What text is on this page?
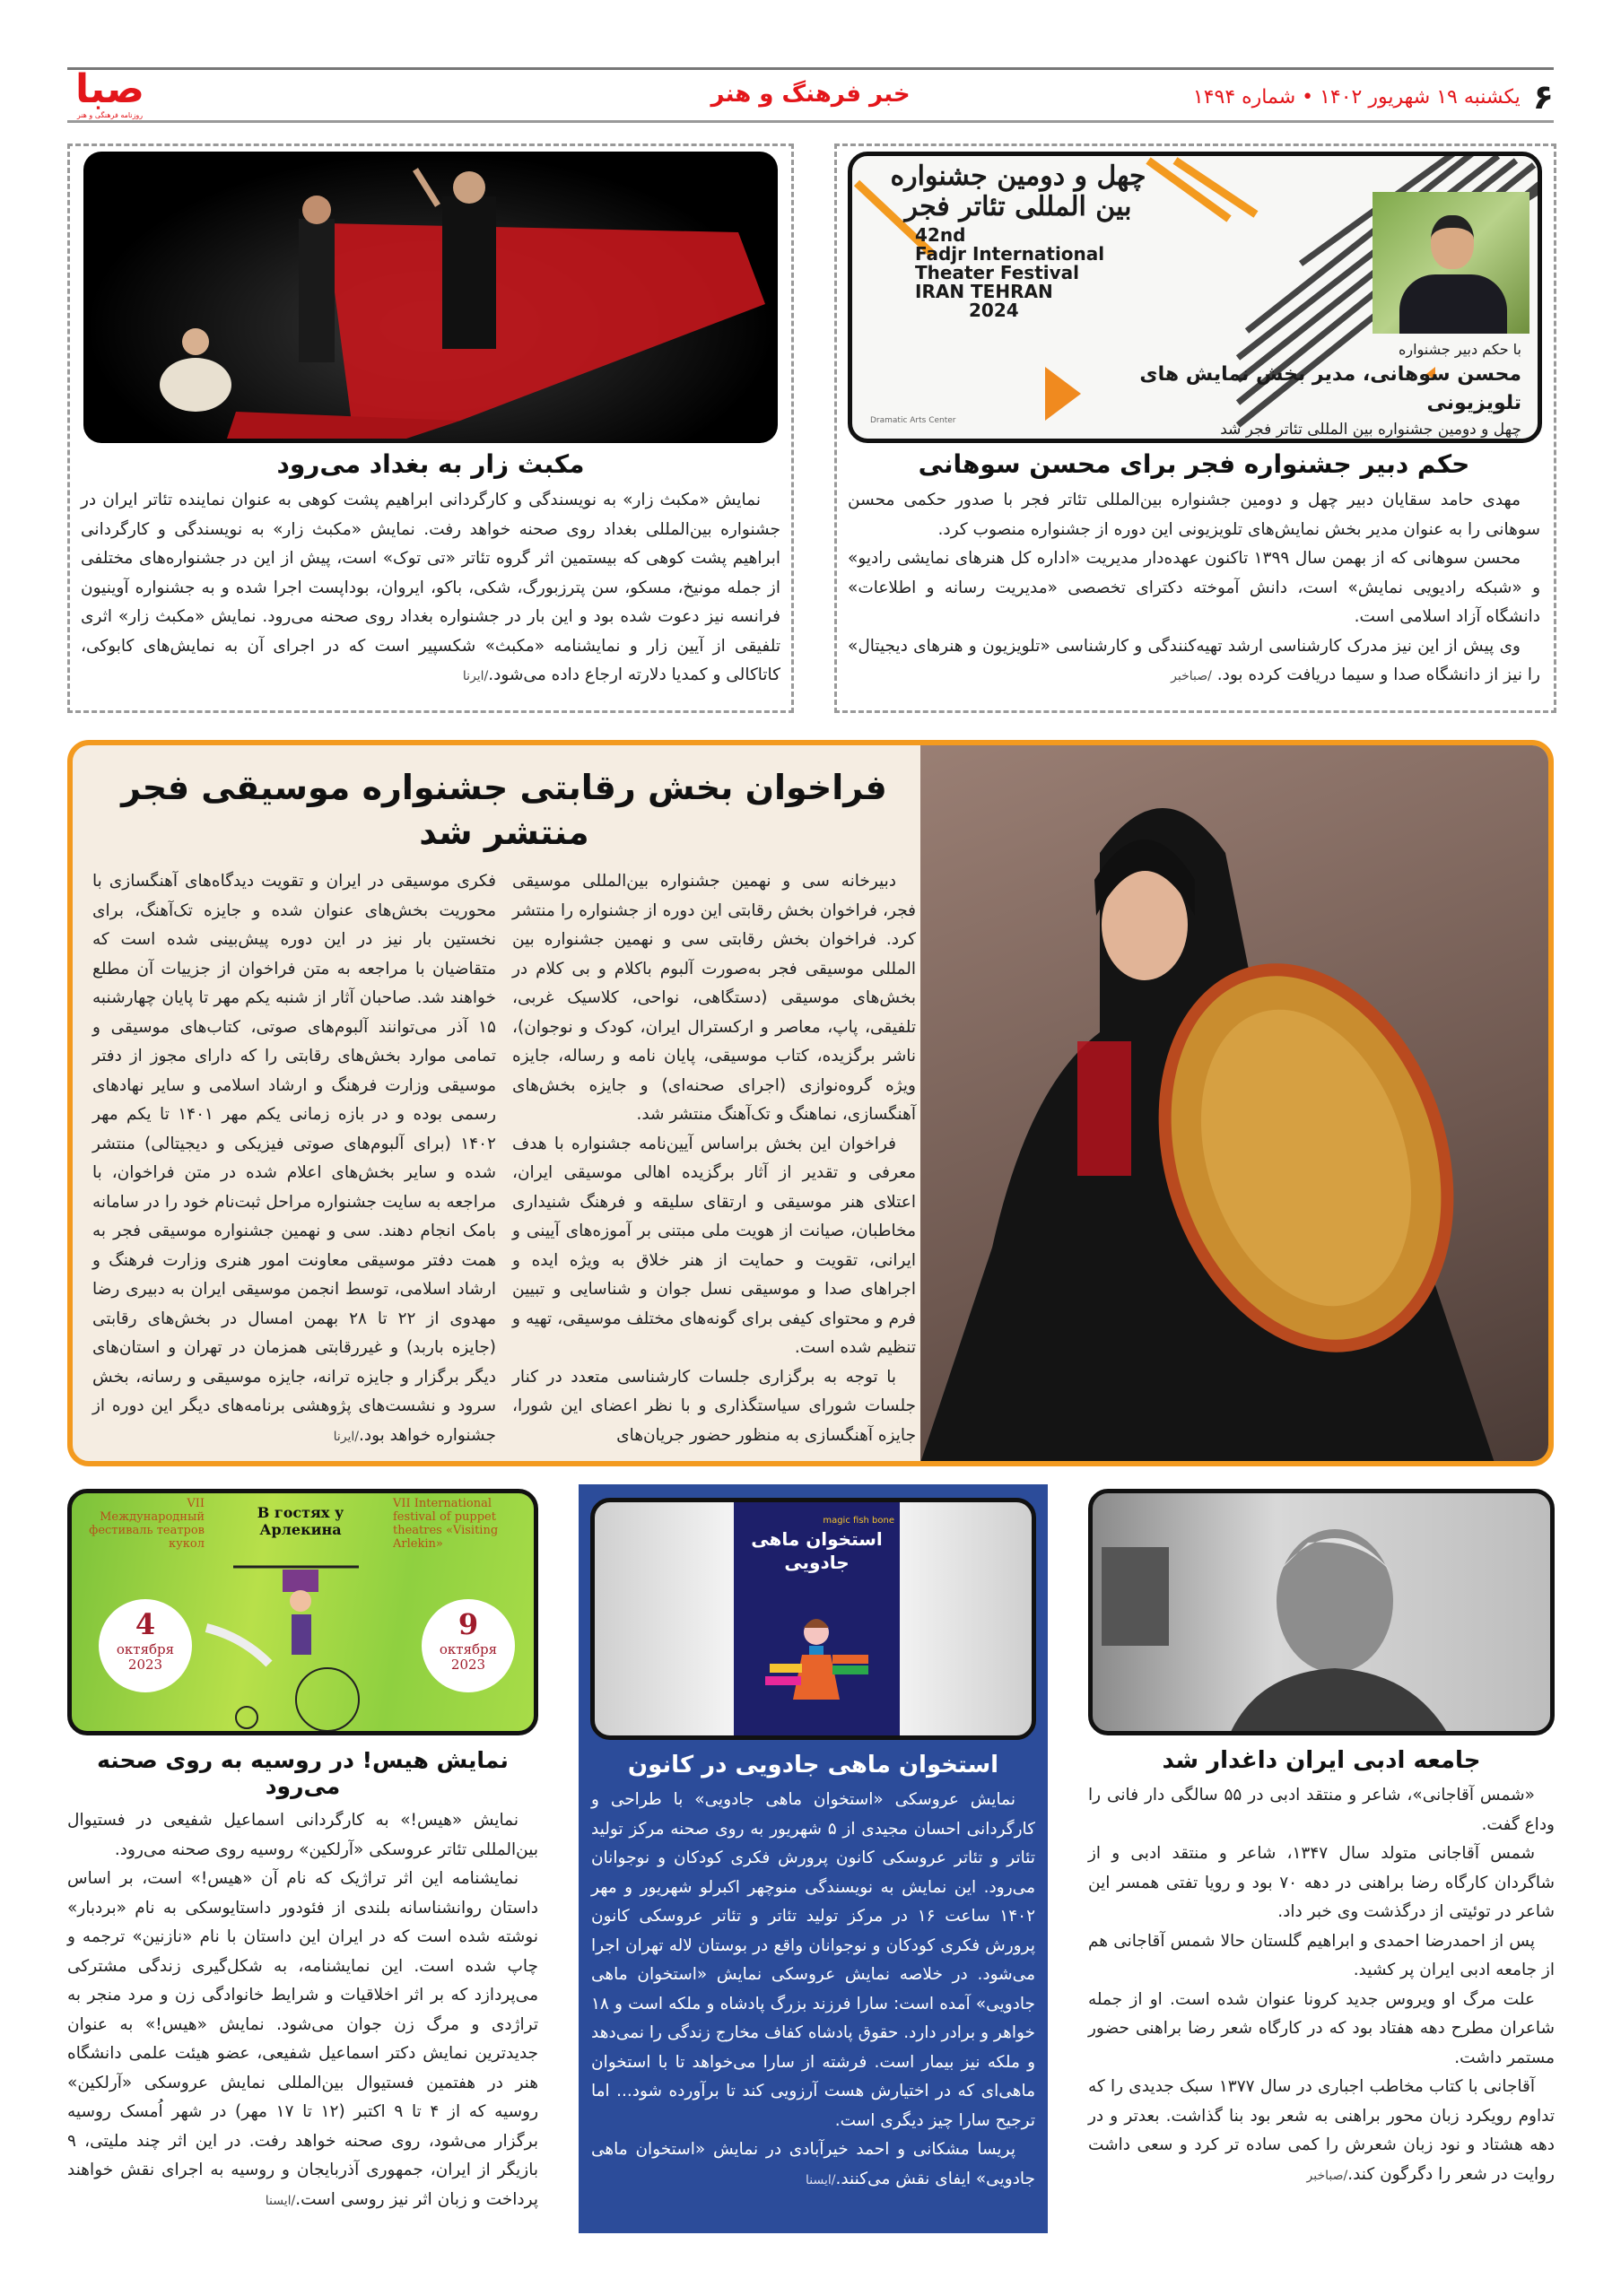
۶
یکشنبه ۱۹ شهریور ۱۴۰۲ • شماره ۱۴۹۴
خبر فرهنگ و هنر
صبا
روزنامه فرهنگی و هنر
چهل و دومین جشنواره بین المللی تئاتر فجر
42nd
Fadjr International
Theater Festival
IRAN TEHRAN
2024
Dramatic Arts Center
با حکم دبیر جشنواره
محسن سوهانی، مدیر بخش نمایش های تلویزیونی
چهل و دومین جشنواره بین المللی تئاتر فجر شد
حکم دبیر جشنواره فجر برای محسن سوهانی

مهدی حامد سقایان دبیر چهل و دومین جشنواره بین‌المللی تئاتر فجر با صدور حکمی محسن سوهانی را به عنوان مدیر بخش نمایش‌های تلویزیونی این دوره از جشنواره منصوب کرد.

محسن سوهانی که از بهمن سال ۱۳۹۹ تاکنون عهده‌دار مدیریت «اداره کل هنرهای نمایشی رادیو» و «شبکه رادیویی نمایش» است، دانش آموخته دکترای تخصصی «مدیریت رسانه و اطلاعات» دانشگاه آزاد اسلامی است.

وی پیش از این نیز مدرک کارشناسی ارشد تهیه‌کنندگی و کارشناسی «تلویزیون و هنرهای دیجیتال» را نیز از دانشگاه صدا و سیما دریافت کرده بود. /صباخبر

مکبث زار به بغداد می‌رود

نمایش «مکبث زار» به نویسندگی و کارگردانی ابراهیم پشت کوهی به عنوان نماینده تئاتر ایران در جشنواره بین‌المللی بغداد روی صحنه خواهد رفت. نمایش «مکبث زار» به نویسندگی و کارگردانی ابراهیم پشت کوهی که بیستمین اثر گروه تئاتر «تی توک» است، پیش از این در جشنواره‌های مختلفی از جمله مونیخ، مسکو، سن پترزبورگ، شکی، باکو، ایروان، بوداپست اجرا شده و به جشنواره آوینیون فرانسه نیز دعوت شده بود و این بار در جشنواره بغداد روی صحنه می‌رود. نمایش «مکبث زار» اثری تلفیقی از آیین زار و نمایشنامه «مکبث» شکسپیر است که در اجرای آن به نمایش‌های کابوکی، کاتاکالی و کمدیا دلارته ارجاع داده می‌شود./ایرنا

فراخوان بخش رقابتی جشنواره موسیقی فجر منتشر شد

دبیرخانه سی و نهمین جشنواره بین‌المللی موسیقی فجر، فراخوان بخش رقابتی این دوره از جشنواره را منتشر کرد. فراخوان بخش رقابتی سی و نهمین جشنواره بین المللی موسیقی فجر به‌صورت آلبوم باکلام و بی کلام در بخش‌های موسیقی (دستگاهی، نواحی، کلاسیک غربی، تلفیقی، پاپ، معاصر و ارکسترال ایران، کودک و نوجوان)، ناشر برگزیده، کتاب موسیقی، پایان نامه و رساله، جایزه ویژه گروه‌نوازی (اجرای صحنه‌ای) و جایزه بخش‌های آهنگسازی، نماهنگ و تک‌آهنگ منتشر شد.

فراخوان این بخش براساس آیین‌نامه جشنواره با هدف معرفی و تقدیر از آثار برگزیده اهالی موسیقی ایران، اعتلای هنر موسیقی و ارتقای سلیقه و فرهنگ شنیداری مخاطبان، صیانت از هویت ملی مبتنی بر آموزه‌های آیینی و ایرانی، تقویت و حمایت از هنر خلاق به ویژه ایده و اجراهای صدا و موسیقی نسل جوان و شناسایی و تبیین فرم و محتوای کیفی برای گونه‌های مختلف موسیقی، تهیه و تنظیم شده است.

با توجه به برگزاری جلسات کارشناسی متعدد در کنار جلسات شورای سیاستگذاری و با نظر اعضای این شورا، جایزه آهنگسازی به منظور حضور جریان‌های

فکری موسیقی در ایران و تقویت دیدگاه‌های آهنگسازی با محوریت بخش‌های عنوان شده و جایزه تک‌آهنگ، برای نخستین بار نیز در این دوره پیش‌بینی شده است که متقاضیان با مراجعه به متن فراخوان از جزییات آن مطلع خواهند شد. صاحبان آثار از شنبه یکم مهر تا پایان چهارشنبه ۱۵ آذر می‌توانند آلبوم‌های صوتی، کتاب‌های موسیقی و تمامی موارد بخش‌های رقابتی را که دارای مجوز از دفتر موسیقی وزارت فرهنگ و ارشاد اسلامی و سایر نهادهای رسمی بوده و در بازه زمانی یکم مهر ۱۴۰۱ تا یکم مهر ۱۴۰۲ (برای آلبوم‌های صوتی فیزیکی و دیجیتالی) منتشر شده و سایر بخش‌های اعلام شده در متن فراخوان، با مراجعه به سایت جشنواره مراحل ثبت‌نام خود را در سامانه بامک انجام دهند. سی و نهمین جشنواره موسیقی فجر به همت دفتر موسیقی معاونت امور هنری وزارت فرهنگ و ارشاد اسلامی، توسط انجمن موسیقی ایران به دبیری رضا مهدوی از ۲۲ تا ۲۸ بهمن امسال در بخش‌های رقابتی (جایزه باربد) و غیررقابتی همزمان در تهران و استان‌های دیگر برگزار و جایزه ترانه، جایزه موسیقی و رسانه، بخش سرود و نشست‌های پژوهشی برنامه‌های دیگر این دوره از جشنواره خواهد بود./ایرنا

جامعه ادبی ایران داغدار شد

«شمس آقاجانی»، شاعر و منتقد ادبی در ۵۵ سالگی دار فانی را وداع گفت.

شمس آقاجانی متولد سال ۱۳۴۷، شاعر و منتقد ادبی و از شاگردان کارگاه رضا براهنی در دهه ۷۰ بود و رویا تفتی همسر این شاعر در توئیتی از درگذشت وی خبر داد.

پس از احمدرضا احمدی و ابراهیم گلستان حالا شمس آقاجانی هم از جامعه ادبی ایران پر کشید.

علت مرگ او ویروس جدید کرونا عنوان شده است. او از جمله شاعران مطرح دهه هفتاد بود که در کارگاه شعر رضا براهنی حضور مستمر داشت.

آقاجانی با کتاب مخاطب اجباری در سال ۱۳۷۷ سبک جدیدی را که تداوم رویکرد زبان محور براهنی به شعر بود بنا گذاشت. بعدتر و در دهه هشتاد و نود زبان شعرش را کمی ساده تر کرد و سعی داشت روایت در شعر را دگرگون کند./صباخبر

magic fish bone
استخوان ماهی جادویی
استخوان ماهی جادویی در کانون

نمایش عروسکی «استخوان ماهی جادویی» با طراحی و کارگردانی احسان مجیدی از ۵ شهریور به روی صحنه مرکز تولید تئاتر و تئاتر عروسکی کانون پرورش فکری کودکان و نوجوانان می‌رود. این نمایش به نویسندگی منوچهر اکبرلو شهریور و مهر ۱۴۰۲ ساعت ۱۶ در مرکز تولید تئاتر و تئاتر عروسکی کانون پرورش فکری کودکان و نوجوانان واقع در بوستان لاله تهران اجرا می‌شود. در خلاصه نمایش عروسکی نمایش «استخوان ماهی جادویی» آمده است: سارا فرزند بزرگ پادشاه و ملکه است و ۱۸ خواهر و برادر دارد. حقوق پادشاه کفاف مخارج زندگی را نمی‌دهد و ملکه نیز بیمار است. فرشته از سارا می‌خواهد تا با استخوان ماهی‌ای که در اختیارش هست آرزویی کند تا برآورده شود... اما ترجیح سارا چیز دیگری است.

پریسا مشکانی و احمد خیرآبادی در نمایش «استخوان ماهی جادویی» ایفای نقش می‌کنند./ایسنا

VII Международный фестиваль театров кукол
В гостях у Арлекина
VII International festival of puppet theatres «Visiting Arlekin»
4
октября
2023
9
октября
2023
نمایش هیس! در روسیه به روی صحنه می‌رود

نمایش «هیس!» به کارگردانی اسماعیل شفیعی در فستیوال بین‌المللی تئاتر عروسکی «آرلکین» روسیه روی صحنه می‌رود.

نمایشنامه این اثر تراژیک که نام آن «هیس!» است، بر اساس داستان روانشناسانه بلندی از فئودور داستایوسکی به نام «بردبار» نوشته شده است که در ایران این داستان با نام «نازنین» ترجمه و چاپ شده است. این نمایشنامه، به شکل‌گیری زندگی مشترکی می‌پردازد که بر اثر اخلاقیات و شرایط خانوادگی زن و مرد منجر به تراژدی و مرگ زن جوان می‌شود. نمایش «هیس!» به عنوان جدیدترین نمایش دکتر اسماعیل شفیعی، عضو هیئت علمی دانشگاه هنر در هفتمین فستیوال بین‌المللی نمایش عروسکی «آرلکین» روسیه که از ۴ تا ۹ اکتبر (۱۲ تا ۱۷ مهر) در شهر اُمسک روسیه برگزار می‌شود، روی صحنه خواهد رفت. در این اثر چند ملیتی، ۹ بازیگر از ایران، جمهوری آذربایجان و روسیه به اجرای نقش خواهند پرداخت و زبان اثر نیز روسی است./ایسنا
